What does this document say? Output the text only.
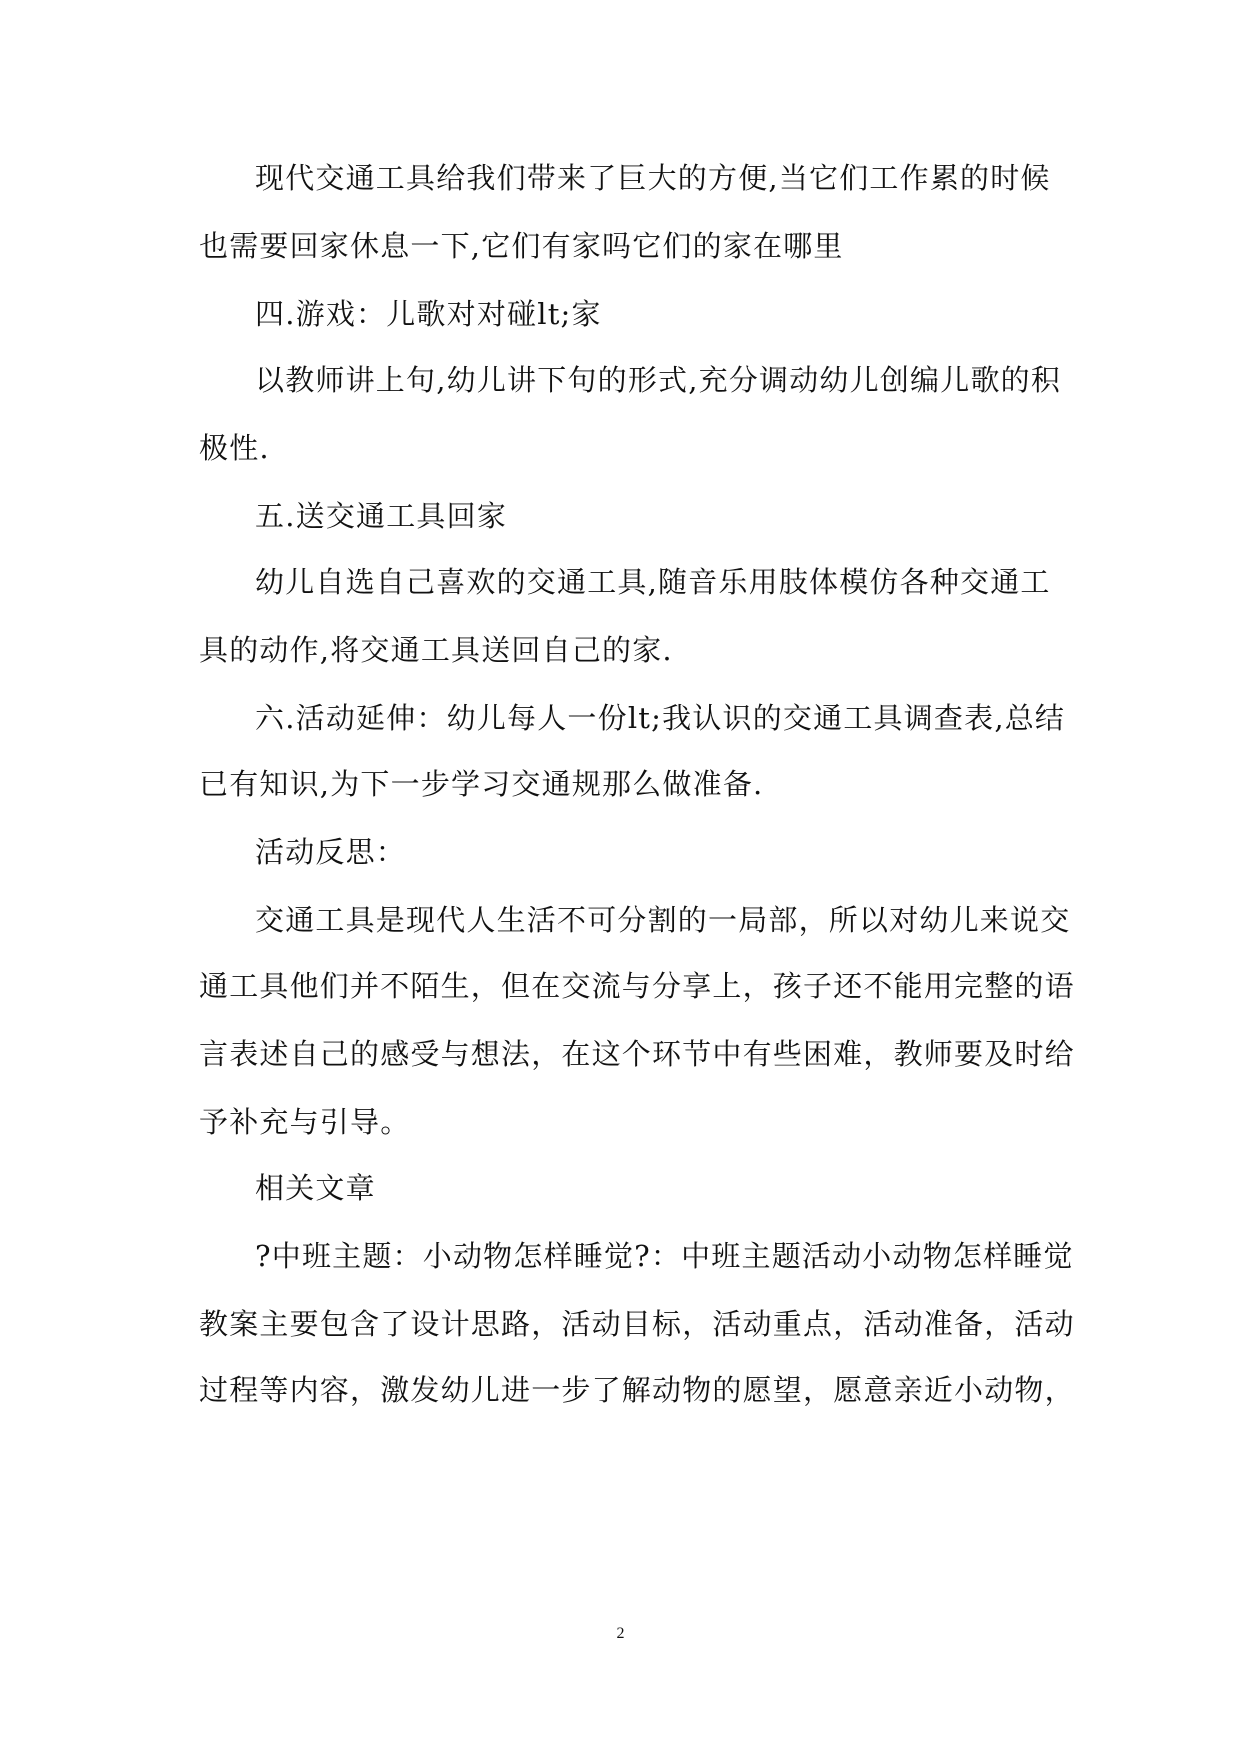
现代交通工具给我们带来了巨大的方便,当它们工作累的时候
也需要回家休息一下,它们有家吗它们的家在哪里
四.游戏：儿歌对对碰lt;家
以教师讲上句,幼儿讲下句的形式,充分调动幼儿创编儿歌的积
极性.
五.送交通工具回家
幼儿自选自己喜欢的交通工具,随音乐用肢体模仿各种交通工
具的动作,将交通工具送回自己的家.
六.活动延伸：幼儿每人一份lt;我认识的交通工具调查表,总结
已有知识,为下一步学习交通规那么做准备.
活动反思：
交通工具是现代人生活不可分割的一局部，所以对幼儿来说交
通工具他们并不陌生，但在交流与分享上，孩子还不能用完整的语
言表述自己的感受与想法，在这个环节中有些困难，教师要及时给
予补充与引导。
相关文章
?中班主题：小动物怎样睡觉?：中班主题活动小动物怎样睡觉
教案主要包含了设计思路，活动目标，活动重点，活动准备，活动
过程等内容，激发幼儿进一步了解动物的愿望，愿意亲近小动物，
2
